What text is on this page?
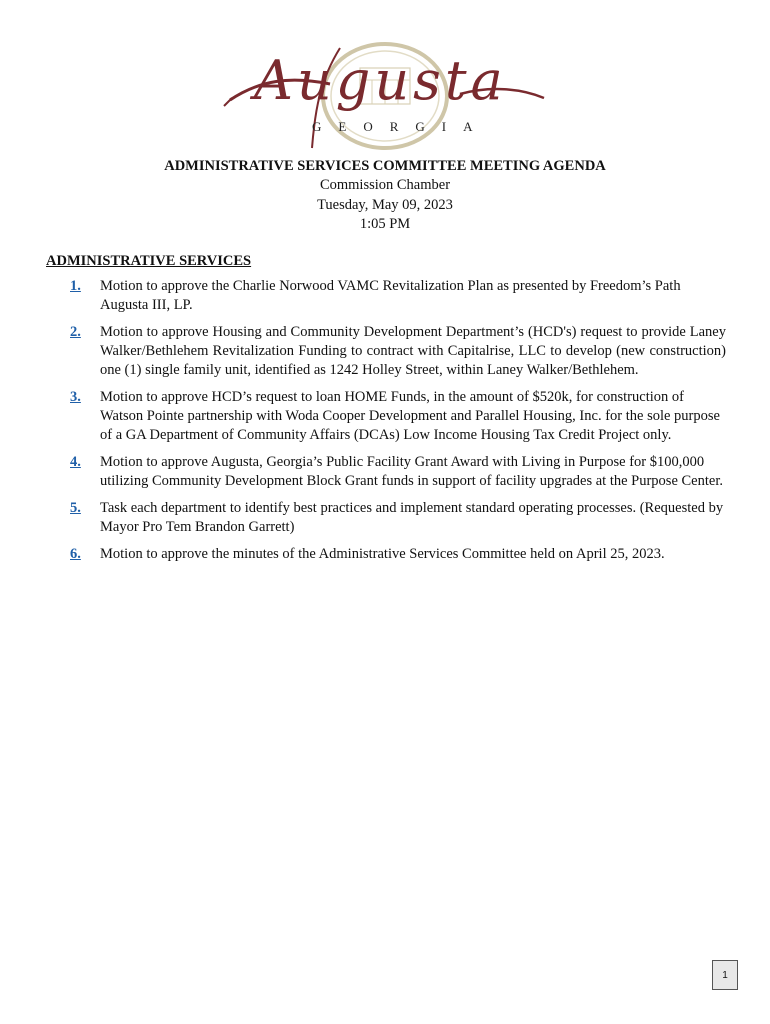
Augusta
GEORGIA
ADMINISTRATIVE SERVICES COMMITTEE MEETING AGENDA
Commission Chamber
Tuesday, May 09, 2023
1:05 PM
ADMINISTRATIVE SERVICES
1.	Motion to approve the Charlie Norwood VAMC Revitalization Plan as presented by Freedom’s Path Augusta III, LP.
2.	Motion to approve Housing and Community Development Department’s (HCD's) request to provide Laney Walker/Bethlehem Revitalization Funding to contract with Capitalrise, LLC to develop (new construction) one (1) single family unit, identified as 1242 Holley Street, within Laney Walker/Bethlehem.
3.	Motion to approve HCD’s request to loan HOME Funds, in the amount of $520k, for construction of Watson Pointe partnership with Woda Cooper Development and Parallel Housing, Inc. for the sole purpose of a GA Department of Community Affairs (DCAs) Low Income Housing Tax Credit Project only.
4.	Motion to approve Augusta, Georgia’s Public Facility Grant Award with Living in Purpose for $100,000 utilizing Community Development Block Grant funds in support of facility upgrades at the Purpose Center.
5.	Task each department to identify best practices and implement standard operating processes. (Requested by Mayor Pro Tem Brandon Garrett)
6.	Motion to approve the minutes of the Administrative Services Committee held on April 25, 2023.
1
